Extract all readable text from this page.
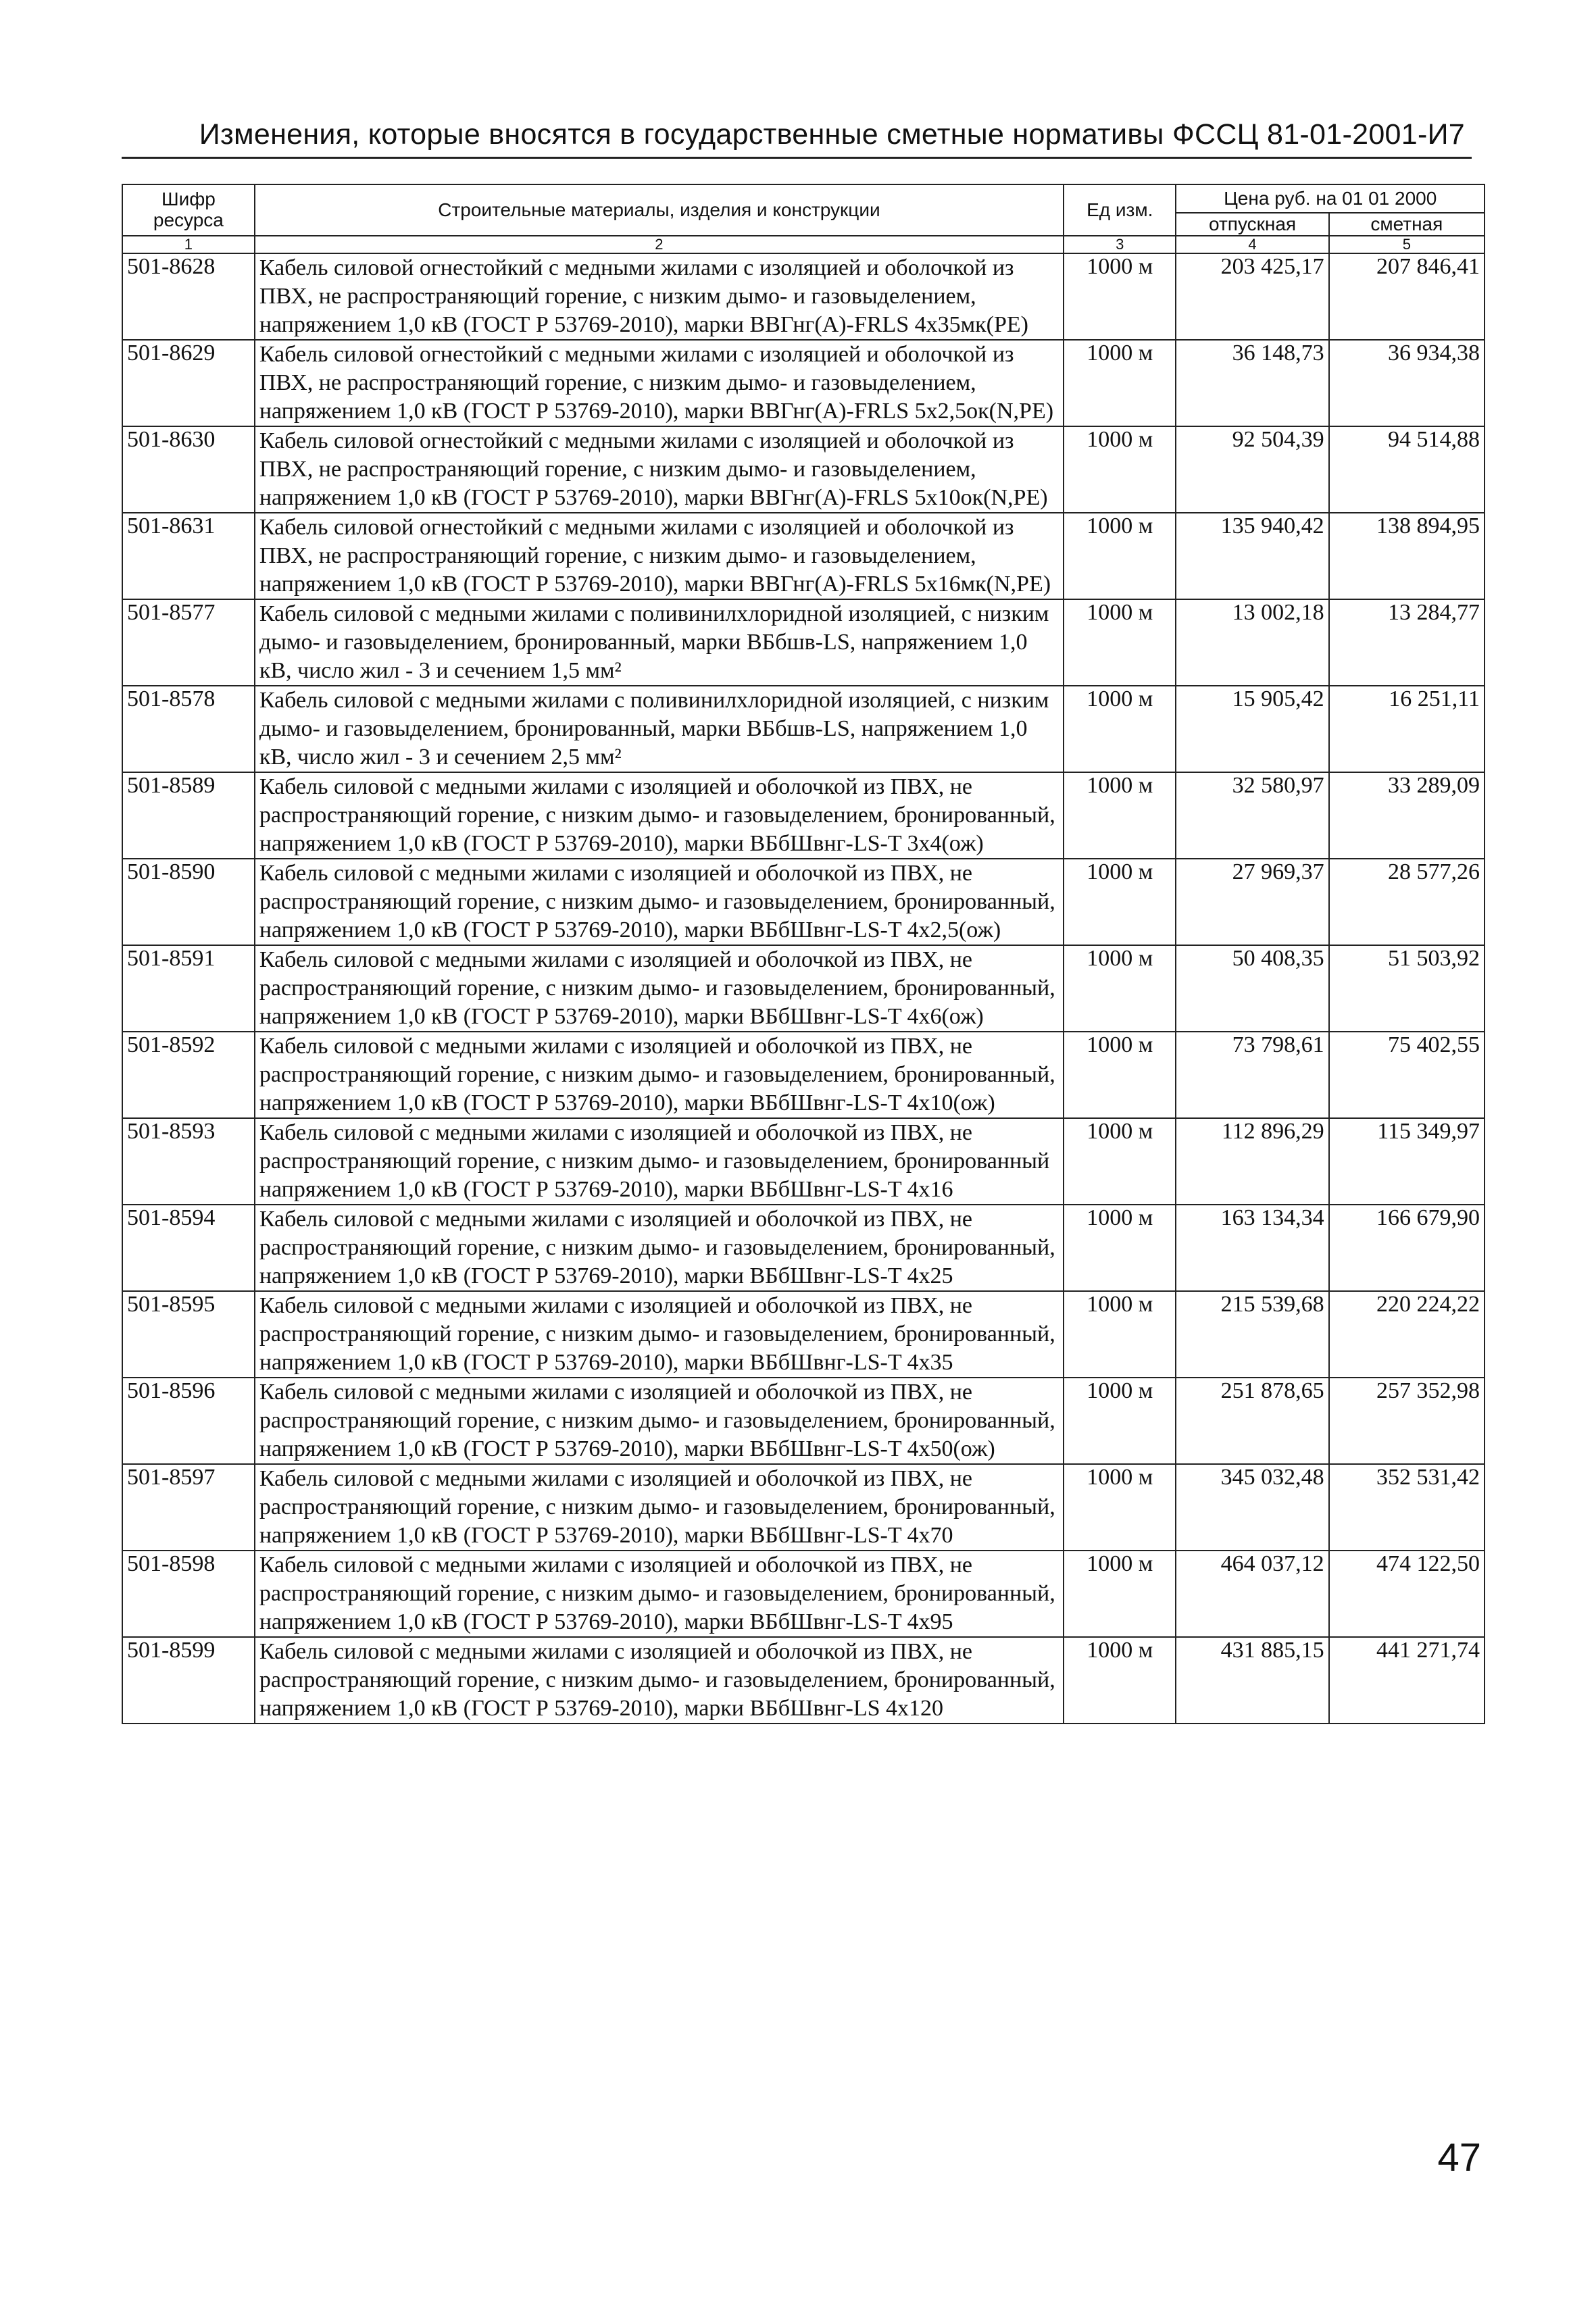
Изменения, которые вносятся в государственные сметные нормативы ФССЦ 81-01-2001-И7
Шифр ресурса	Строительные материалы, изделия и конструкции	Ед изм.	Цена руб. на 01 01 2000	
			отпускная	сметная
1	2	3	4	5
501-8628	Кабель силовой огнестойкий с медными жилами с изоляцией и оболочкой из ПВХ, не распространяющий горение, с низким дымо- и газовыделением, напряжением 1,0 кВ (ГОСТ Р 53769-2010), марки ВВГнг(А)-FRLS 4х35мк(PE)	1000 м	203 425,17	207 846,41
501-8629	Кабель силовой огнестойкий с медными жилами с изоляцией и оболочкой из ПВХ, не распространяющий горение, с низким дымо- и газовыделением, напряжением 1,0 кВ (ГОСТ Р 53769-2010), марки ВВГнг(А)-FRLS 5х2,5ок(N,PE)	1000 м	36 148,73	36 934,38
501-8630	Кабель силовой огнестойкий с медными жилами с изоляцией и оболочкой из ПВХ, не распространяющий горение, с низким дымо- и газовыделением, напряжением 1,0 кВ (ГОСТ Р 53769-2010), марки ВВГнг(А)-FRLS 5х10ок(N,PE)	1000 м	92 504,39	94 514,88
501-8631	Кабель силовой огнестойкий с медными жилами с изоляцией и оболочкой из ПВХ, не распространяющий горение, с низким дымо- и газовыделением, напряжением 1,0 кВ (ГОСТ Р 53769-2010), марки ВВГнг(А)-FRLS 5х16мк(N,PE)	1000 м	135 940,42	138 894,95
501-8577	Кабель силовой с медными жилами с поливинилхлоридной изоляцией, с низким дымо- и газовыделением, бронированный, марки ВБбшв-LS, напряжением 1,0 кВ, число жил - 3 и сечением 1,5 мм²	1000 м	13 002,18	13 284,77
501-8578	Кабель силовой с медными жилами с поливинилхлоридной изоляцией, с низким дымо- и газовыделением, бронированный, марки ВБбшв-LS, напряжением 1,0 кВ, число жил - 3 и сечением 2,5 мм²	1000 м	15 905,42	16 251,11
501-8589	Кабель силовой с медными жилами с изоляцией и оболочкой из ПВХ, не распространяющий горение, с низким дымо- и газовыделением, бронированный, напряжением 1,0 кВ (ГОСТ Р 53769-2010), марки ВБбШвнг-LS-T 3х4(ож)	1000 м	32 580,97	33 289,09
501-8590	Кабель силовой с медными жилами с изоляцией и оболочкой из ПВХ, не распространяющий горение, с низким дымо- и газовыделением, бронированный, напряжением 1,0 кВ (ГОСТ Р 53769-2010), марки ВБбШвнг-LS-T 4х2,5(ож)	1000 м	27 969,37	28 577,26
501-8591	Кабель силовой с медными жилами с изоляцией и оболочкой из ПВХ, не распространяющий горение, с низким дымо- и газовыделением, бронированный, напряжением 1,0 кВ (ГОСТ Р 53769-2010), марки ВБбШвнг-LS-T 4х6(ож)	1000 м	50 408,35	51 503,92
501-8592	Кабель силовой с медными жилами с изоляцией и оболочкой из ПВХ, не распространяющий горение, с низким дымо- и газовыделением, бронированный, напряжением 1,0 кВ (ГОСТ Р 53769-2010), марки ВБбШвнг-LS-T 4х10(ож)	1000 м	73 798,61	75 402,55
501-8593	Кабель силовой с медными жилами с изоляцией и оболочкой из ПВХ, не распространяющий горение, с низким дымо- и газовыделением, бронированный напряжением 1,0 кВ (ГОСТ Р 53769-2010), марки ВБбШвнг-LS-T 4х16	1000 м	112 896,29	115 349,97
501-8594	Кабель силовой с медными жилами с изоляцией и оболочкой из ПВХ, не распространяющий горение, с низким дымо- и газовыделением, бронированный, напряжением 1,0 кВ (ГОСТ Р 53769-2010), марки ВБбШвнг-LS-T 4х25	1000 м	163 134,34	166 679,90
501-8595	Кабель силовой с медными жилами с изоляцией и оболочкой из ПВХ, не распространяющий горение, с низким дымо- и газовыделением, бронированный, напряжением 1,0 кВ (ГОСТ Р 53769-2010), марки ВБбШвнг-LS-T 4х35	1000 м	215 539,68	220 224,22
501-8596	Кабель силовой с медными жилами с изоляцией и оболочкой из ПВХ, не распространяющий горение, с низким дымо- и газовыделением, бронированный, напряжением 1,0 кВ (ГОСТ Р 53769-2010), марки ВБбШвнг-LS-T 4х50(ож)	1000 м	251 878,65	257 352,98
501-8597	Кабель силовой с медными жилами с изоляцией и оболочкой из ПВХ, не распространяющий горение, с низким дымо- и газовыделением, бронированный, напряжением 1,0 кВ (ГОСТ Р 53769-2010), марки ВБбШвнг-LS-T 4х70	1000 м	345 032,48	352 531,42
501-8598	Кабель силовой с медными жилами с изоляцией и оболочкой из ПВХ, не распространяющий горение, с низким дымо- и газовыделением, бронированный, напряжением 1,0 кВ (ГОСТ Р 53769-2010), марки ВБбШвнг-LS-T 4х95	1000 м	464 037,12	474 122,50
501-8599	Кабель силовой с медными жилами с изоляцией и оболочкой из ПВХ, не распространяющий горение, с низким дымо- и газовыделением, бронированный, напряжением 1,0 кВ (ГОСТ Р 53769-2010), марки ВБбШвнг-LS 4х120	1000 м	431 885,15	441 271,74
47
